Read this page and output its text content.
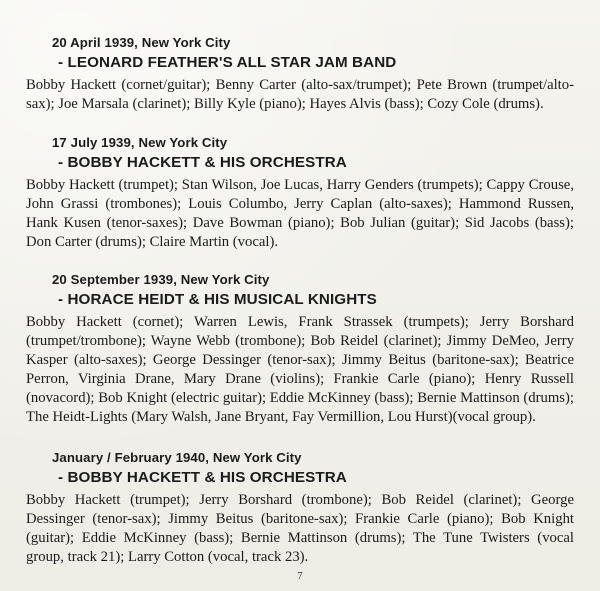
20 April 1939, New York City
- LEONARD FEATHER'S ALL STAR JAM BAND
Bobby Hackett (cornet/guitar); Benny Carter (alto-sax/trumpet); Pete Brown (trumpet/alto-sax); Joe Marsala (clarinet); Billy Kyle (piano); Hayes Alvis (bass); Cozy Cole (drums).
17 July 1939, New York City
- BOBBY HACKETT & HIS ORCHESTRA
Bobby Hackett (trumpet); Stan Wilson, Joe Lucas, Harry Genders (trumpets); Cappy Crouse, John Grassi (trombones); Louis Columbo, Jerry Caplan (alto-saxes); Hammond Russen, Hank Kusen (tenor-saxes); Dave Bowman (piano); Bob Julian (guitar); Sid Jacobs (bass); Don Carter (drums); Claire Martin (vocal).
20 September 1939, New York City
- HORACE HEIDT & HIS MUSICAL KNIGHTS
Bobby Hackett (cornet); Warren Lewis, Frank Strassek (trumpets); Jerry Borshard (trumpet/trombone); Wayne Webb (trombone); Bob Reidel (clarinet); Jimmy DeMeo, Jerry Kasper (alto-saxes); George Dessinger (tenor-sax); Jimmy Beitus (baritone-sax); Beatrice Perron, Virginia Drane, Mary Drane (violins); Frankie Carle (piano); Henry Russell (novacord); Bob Knight (electric guitar); Eddie McKinney (bass); Bernie Mattinson (drums); The Heidt-Lights (Mary Walsh, Jane Bryant, Fay Vermillion, Lou Hurst)(vocal group).
January / February 1940, New York City
- BOBBY HACKETT & HIS ORCHESTRA
Bobby Hackett (trumpet); Jerry Borshard (trombone); Bob Reidel (clarinet); George Dessinger (tenor-sax); Jimmy Beitus (baritone-sax); Frankie Carle (piano); Bob Knight (guitar); Eddie McKinney (bass); Bernie Mattinson (drums); The Tune Twisters (vocal group, track 21); Larry Cotton (vocal, track 23).
7
